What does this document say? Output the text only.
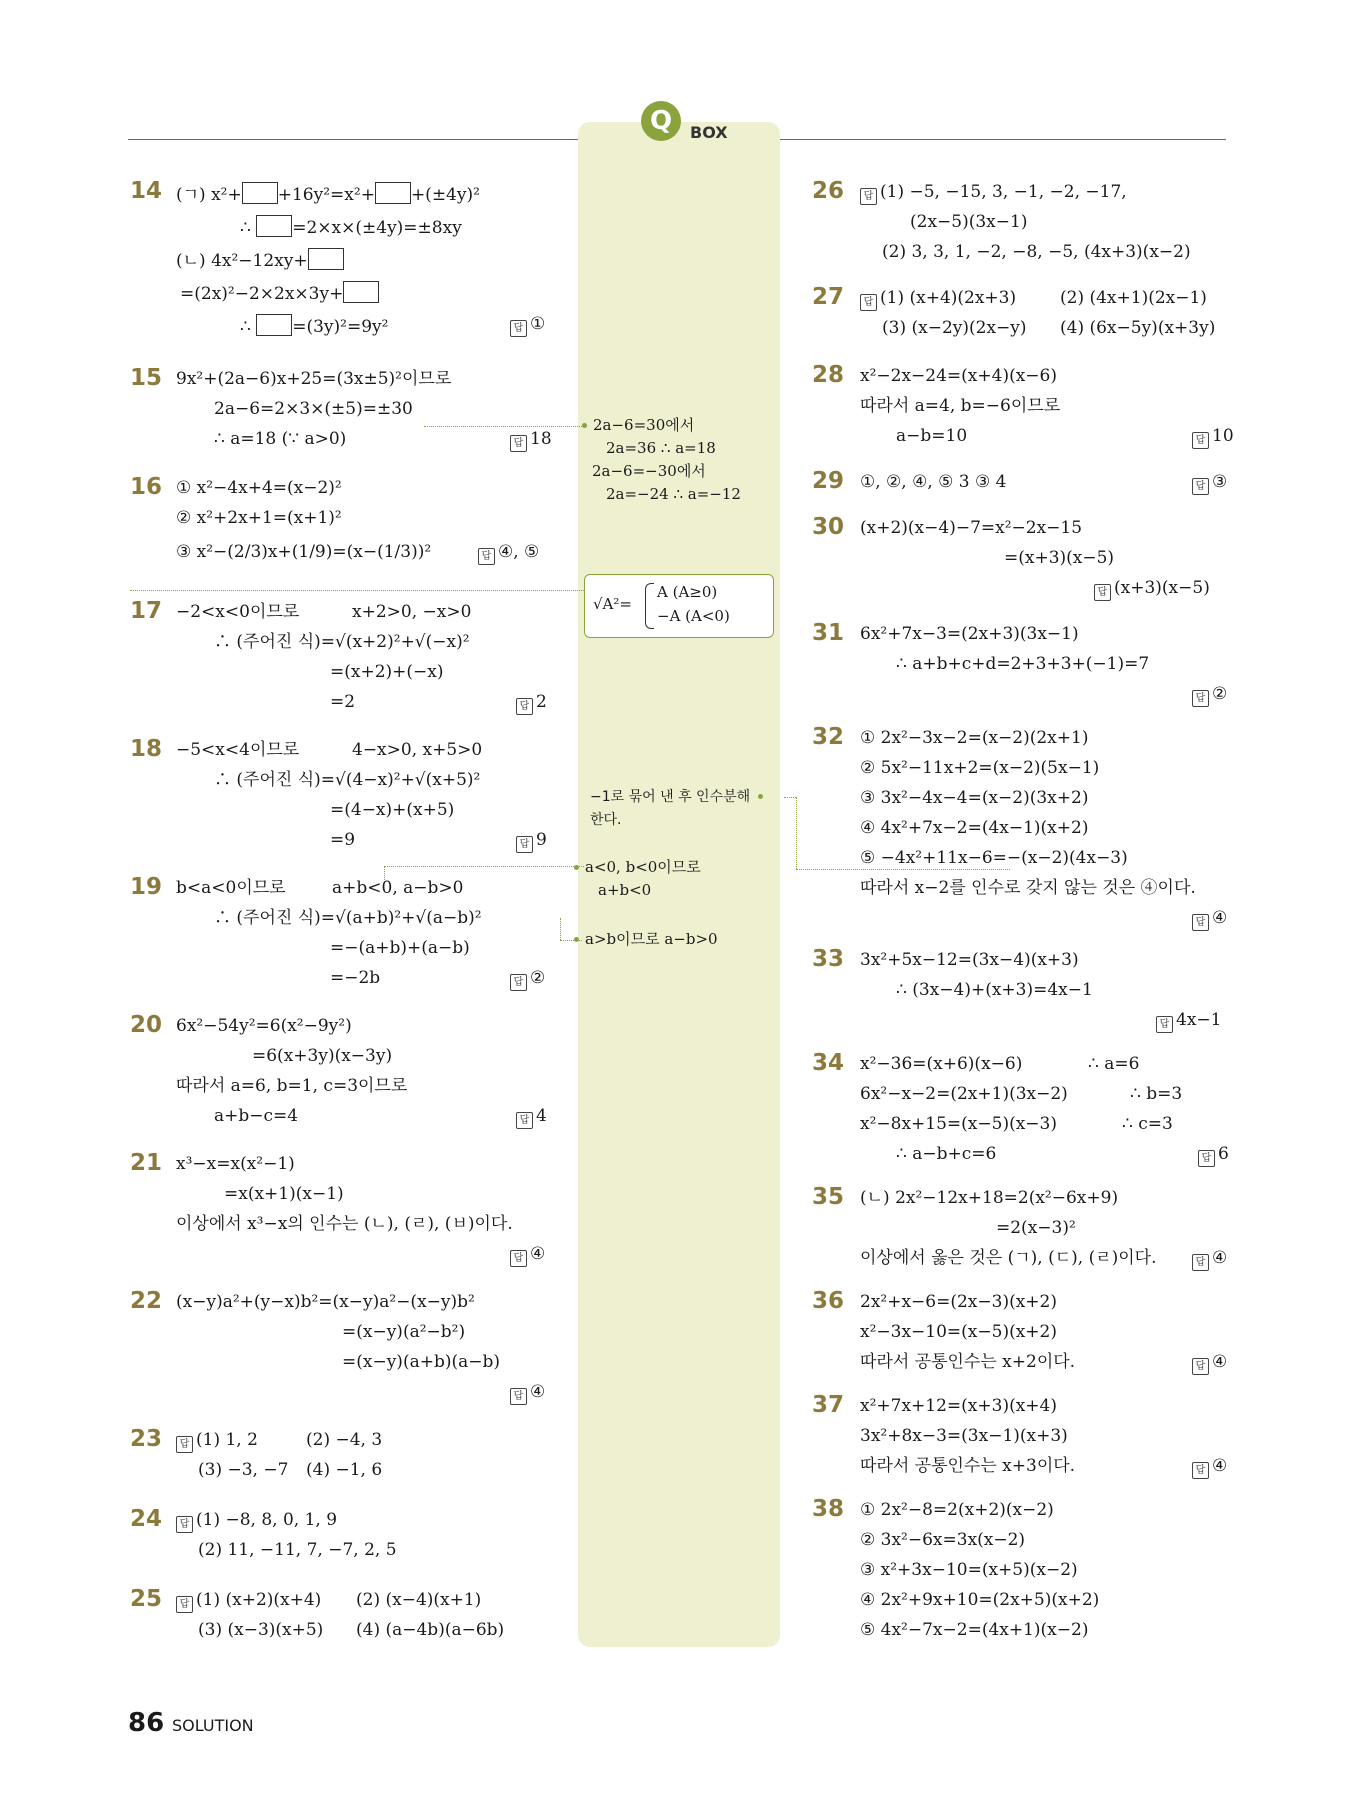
Q	BOX
14 (ㄱ) x²+ +16y²=x²+ +(±4y)²
∴ =2×x×(±4y)=±8xy
(ㄴ) 4x²−12xy+
=(2x)²−2×2x×3y+
∴ =(3y)²=9y²	답 ①
15 9x²+(2a−6)x+25=(3x±5)²이므로
2a−6=2×3×(±5)=±30
∴ a=18 (∵ a>0)	답 18
16 ① x²−4x+4=(x−2)²
② x²+2x+1=(x+1)²
③ x²−(2/3)x+(1/9)=(x−(1/3))²	답 ④, ⑤
17 −2<x<0이므로	x+2>0, −x>0
∴ (주어진 식)=√(x+2)²+√(−x)²
=(x+2)+(−x)
=2	답 2
18 −5<x<4이므로	4−x>0, x+5>0
∴ (주어진 식)=√(4−x)²+√(x+5)²
=(4−x)+(x+5)
=9	답 9
19 b<a<0이므로	a+b<0, a−b>0
∴ (주어진 식)=√(a+b)²+√(a−b)²
=−(a+b)+(a−b)
=−2b	답 ②
20 6x²−54y²=6(x²−9y²)
=6(x+3y)(x−3y)
따라서 a=6, b=1, c=3이므로
a+b−c=4	답 4
21 x³−x=x(x²−1)
=x(x+1)(x−1)
이상에서 x³−x의 인수는 (ㄴ), (ㄹ), (ㅂ)이다.
답 ④
22 (x−y)a²+(y−x)b²=(x−y)a²−(x−y)b²
=(x−y)(a²−b²)
=(x−y)(a+b)(a−b)
답 ④
23	답 (1) 1, 2	(2) −4, 3
(3) −3, −7 (4) −1, 6
24	답 (1) −8, 8, 0, 1, 9
(2) 11, −11, 7, −7, 2, 5
25	답 (1) (x+2)(x+4) (2) (x−4)(x+1)
(3) (x−3)(x+5) (4) (a−4b)(a−6b)
2a−6=30에서
2a=36 ∴ a=18
2a−6=−30에서
2a=−24 ∴ a=−12
√A²=
A (A≥0)
−A (A<0)
−1로 묶어 낸 후 인수분해
한다.
a<0, b<0이므로
a+b<0
a>b이므로 a−b>0
26	답 (1) −5, −15, 3, −1, −2, −17,
(2x−5)(3x−1)
(2) 3, 3, 1, −2, −8, −5, (4x+3)(x−2)
27	답 (1) (x+4)(2x+3)	(2) (4x+1)(2x−1)
(3) (x−2y)(2x−y) (4) (6x−5y)(x+3y)
28 x²−2x−24=(x+4)(x−6)
따라서 a=4, b=−6이므로
a−b=10	답 10
29 ①, ②, ④, ⑤ 3 ③ 4	답 ③
30 (x+2)(x−4)−7=x²−2x−15
=(x+3)(x−5)
답 (x+3)(x−5)
31 6x²+7x−3=(2x+3)(3x−1)
∴ a+b+c+d=2+3+3+(−1)=7
답 ②
32 ① 2x²−3x−2=(x−2)(2x+1)
② 5x²−11x+2=(x−2)(5x−1)
③ 3x²−4x−4=(x−2)(3x+2)
④ 4x²+7x−2=(4x−1)(x+2)
⑤ −4x²+11x−6=−(x−2)(4x−3)
따라서 x−2를 인수로 갖지 않는 것은 ④이다.
답 ④
33 3x²+5x−12=(3x−4)(x+3)
∴ (3x−4)+(x+3)=4x−1
답 4x−1
34 x²−36=(x+6)(x−6)	∴ a=6
6x²−x−2=(2x+1)(3x−2)	∴ b=3
x²−8x+15=(x−5)(x−3)	∴ c=3
∴ a−b+c=6	답 6
35 (ㄴ) 2x²−12x+18=2(x²−6x+9)
=2(x−3)²
이상에서 옳은 것은 (ㄱ), (ㄷ), (ㄹ)이다.	답 ④
36 2x²+x−6=(2x−3)(x+2)
x²−3x−10=(x−5)(x+2)
따라서 공통인수는 x+2이다.	답 ④
37 x²+7x+12=(x+3)(x+4)
3x²+8x−3=(3x−1)(x+3)
따라서 공통인수는 x+3이다.	답 ④
38 ① 2x²−8=2(x+2)(x−2)
② 3x²−6x=3x(x−2)
③ x²+3x−10=(x+5)(x−2)
④ 2x²+9x+10=(2x+5)(x+2)
⑤ 4x²−7x−2=(4x+1)(x−2)
86 SOLUTION
